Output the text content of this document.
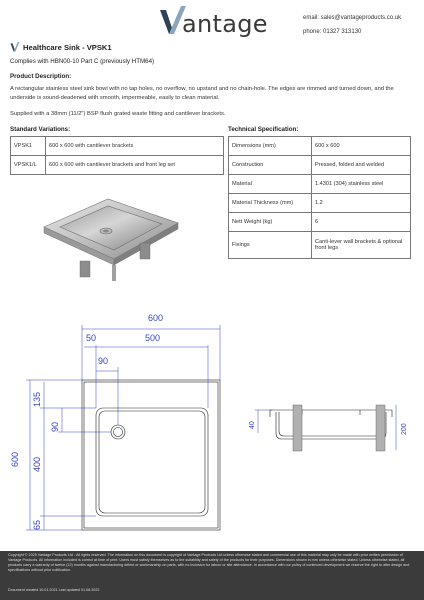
antage	email: sales@vantageproducts.co.uk
phone: 01327 313130
Healthcare Sink - VPSK1
Complies with HBN00-10 Part C (previously HTM64)
Product Description:
A rectangular stainless steel sink bowl with no tap holes, no overflow, no upstand and no chain-hole. The edges are rimmed and turned down, and the underside is sound-deadened with smooth, impermeable, easily to clean material.
Supplied with a 38mm (11/2") BSP flush grated waste fitting and cantilever brackets.
Standard Variations:
VPSK1	600 x 600 with cantilever brackets
VPSK1/L	600 x 600 with cantilever brackets and front leg set
Technical Specification:
Dimensions (mm)	600 x 600
Construction	Pressed, folded and welded
Material	1.4301 (304) stainless steel
Material Thickness (mm)	1.2
Nett Weight (kg)	6
Fixings	Canti-lever wall brackets & optional front legs
600
50	500
90
135
90
600 400
65
40	200
Copyright © 2025 Vantage Products Ltd - All rights reserved. The information on this document is copyright of Vantage Products Ltd unless otherwise stated and commercial use of this material may only be made with prior written permission of Vantage Products. All information included is correct at time of print. Users must satisfy themselves as to the suitability and safety of the products for their purposes. Dimensions shown in mm unless otherwise stated. Unless otherwise stated, all products carry a warranty of twelve (12) months against manufacturing defect or workmanship on parts, with no inclusion for labour or site attendance. In accordance with our policy of continued development we reserve the right to alter design and specifications without prior notification.
Document created 10.01.2021 Last updated 01.06.2022
